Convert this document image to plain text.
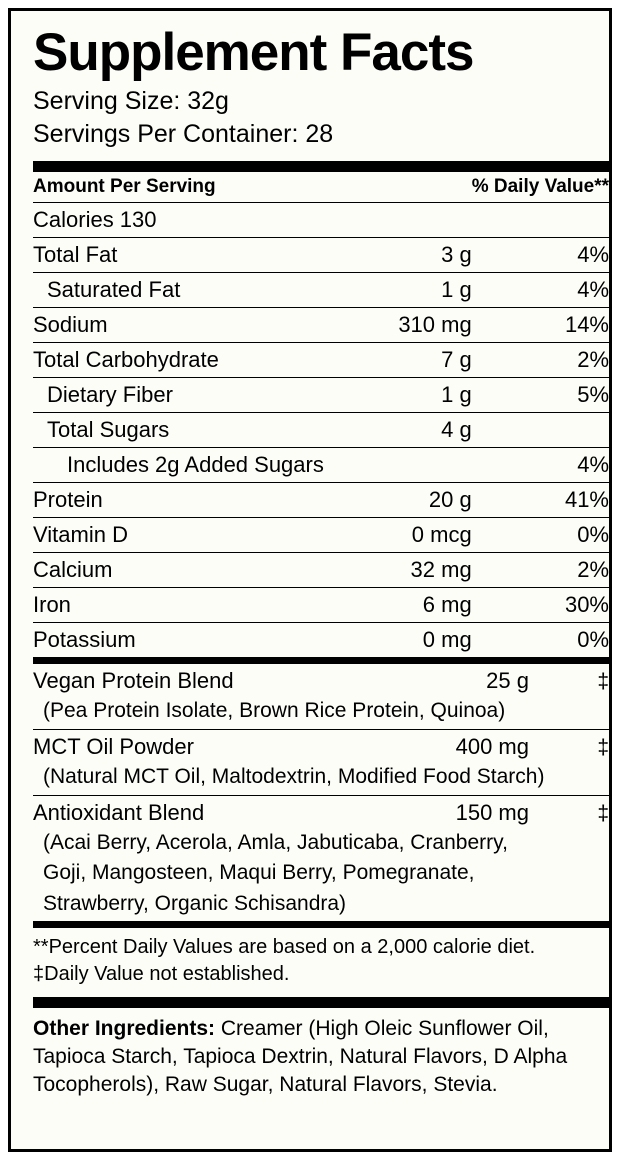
Supplement Facts
Serving Size: 32g
Servings Per Container: 28
Amount Per Serving		% Daily Value**
Calories 130		
Total Fat	3 g	4%
Saturated Fat	1 g	4%
Sodium	310 mg	14%
Total Carbohydrate	7 g	2%
Dietary Fiber	1 g	5%
Total Sugars	4 g	
Includes 2g Added Sugars		4%
Protein	20 g	41%
Vitamin D	0 mcg	0%
Calcium	32 mg	2%
Iron	6 mg	30%
Potassium	0 mg	0%
Vegan Protein Blend	25 g	‡
(Pea Protein Isolate, Brown Rice Protein, Quinoa)		
MCT Oil Powder	400 mg	‡
(Natural MCT Oil, Maltodextrin, Modified Food Starch)		
Antioxidant Blend	150 mg	‡
(Acai Berry, Acerola, Amla, Jabuticaba, Cranberry,		
Goji, Mangosteen, Maqui Berry, Pomegranate,		
Strawberry, Organic Schisandra)		
**Percent Daily Values are based on a 2,000 calorie diet.
‡Daily Value not established.
Other Ingredients: Creamer (High Oleic Sunflower Oil, Tapioca Starch, Tapioca Dextrin, Natural Flavors, D Alpha Tocopherols), Raw Sugar, Natural Flavors, Stevia.
